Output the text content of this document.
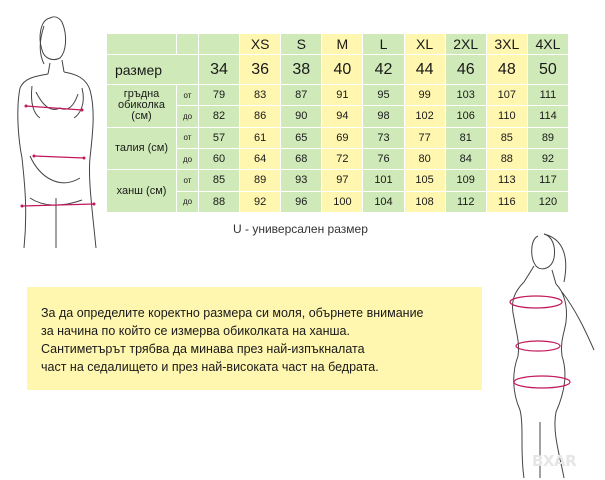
			XS	S	M	L	XL	2XL	3XL	4XL
размер		34	36	38	40	42	44	46	48	50
гръдна обиколка (см)	от	79	83	87	91	95	99	103	107	111
	до	82	86	90	94	98	102	106	110	114
талия (см)	от	57	61	65	69	73	77	81	85	89
	до	60	64	68	72	76	80	84	88	92
ханш (см)	от	85	89	93	97	101	105	109	113	117
	до	88	92	96	100	104	108	112	116	120
U - универсален размер

За да определите коректно размера си моля, обърнете внимание

за начина по който се измерва обиколката на ханша.

Сантиметърът трябва да минава през най-изпъкналата

част на седалището и през най-високата част на бедрата.

BXAR
